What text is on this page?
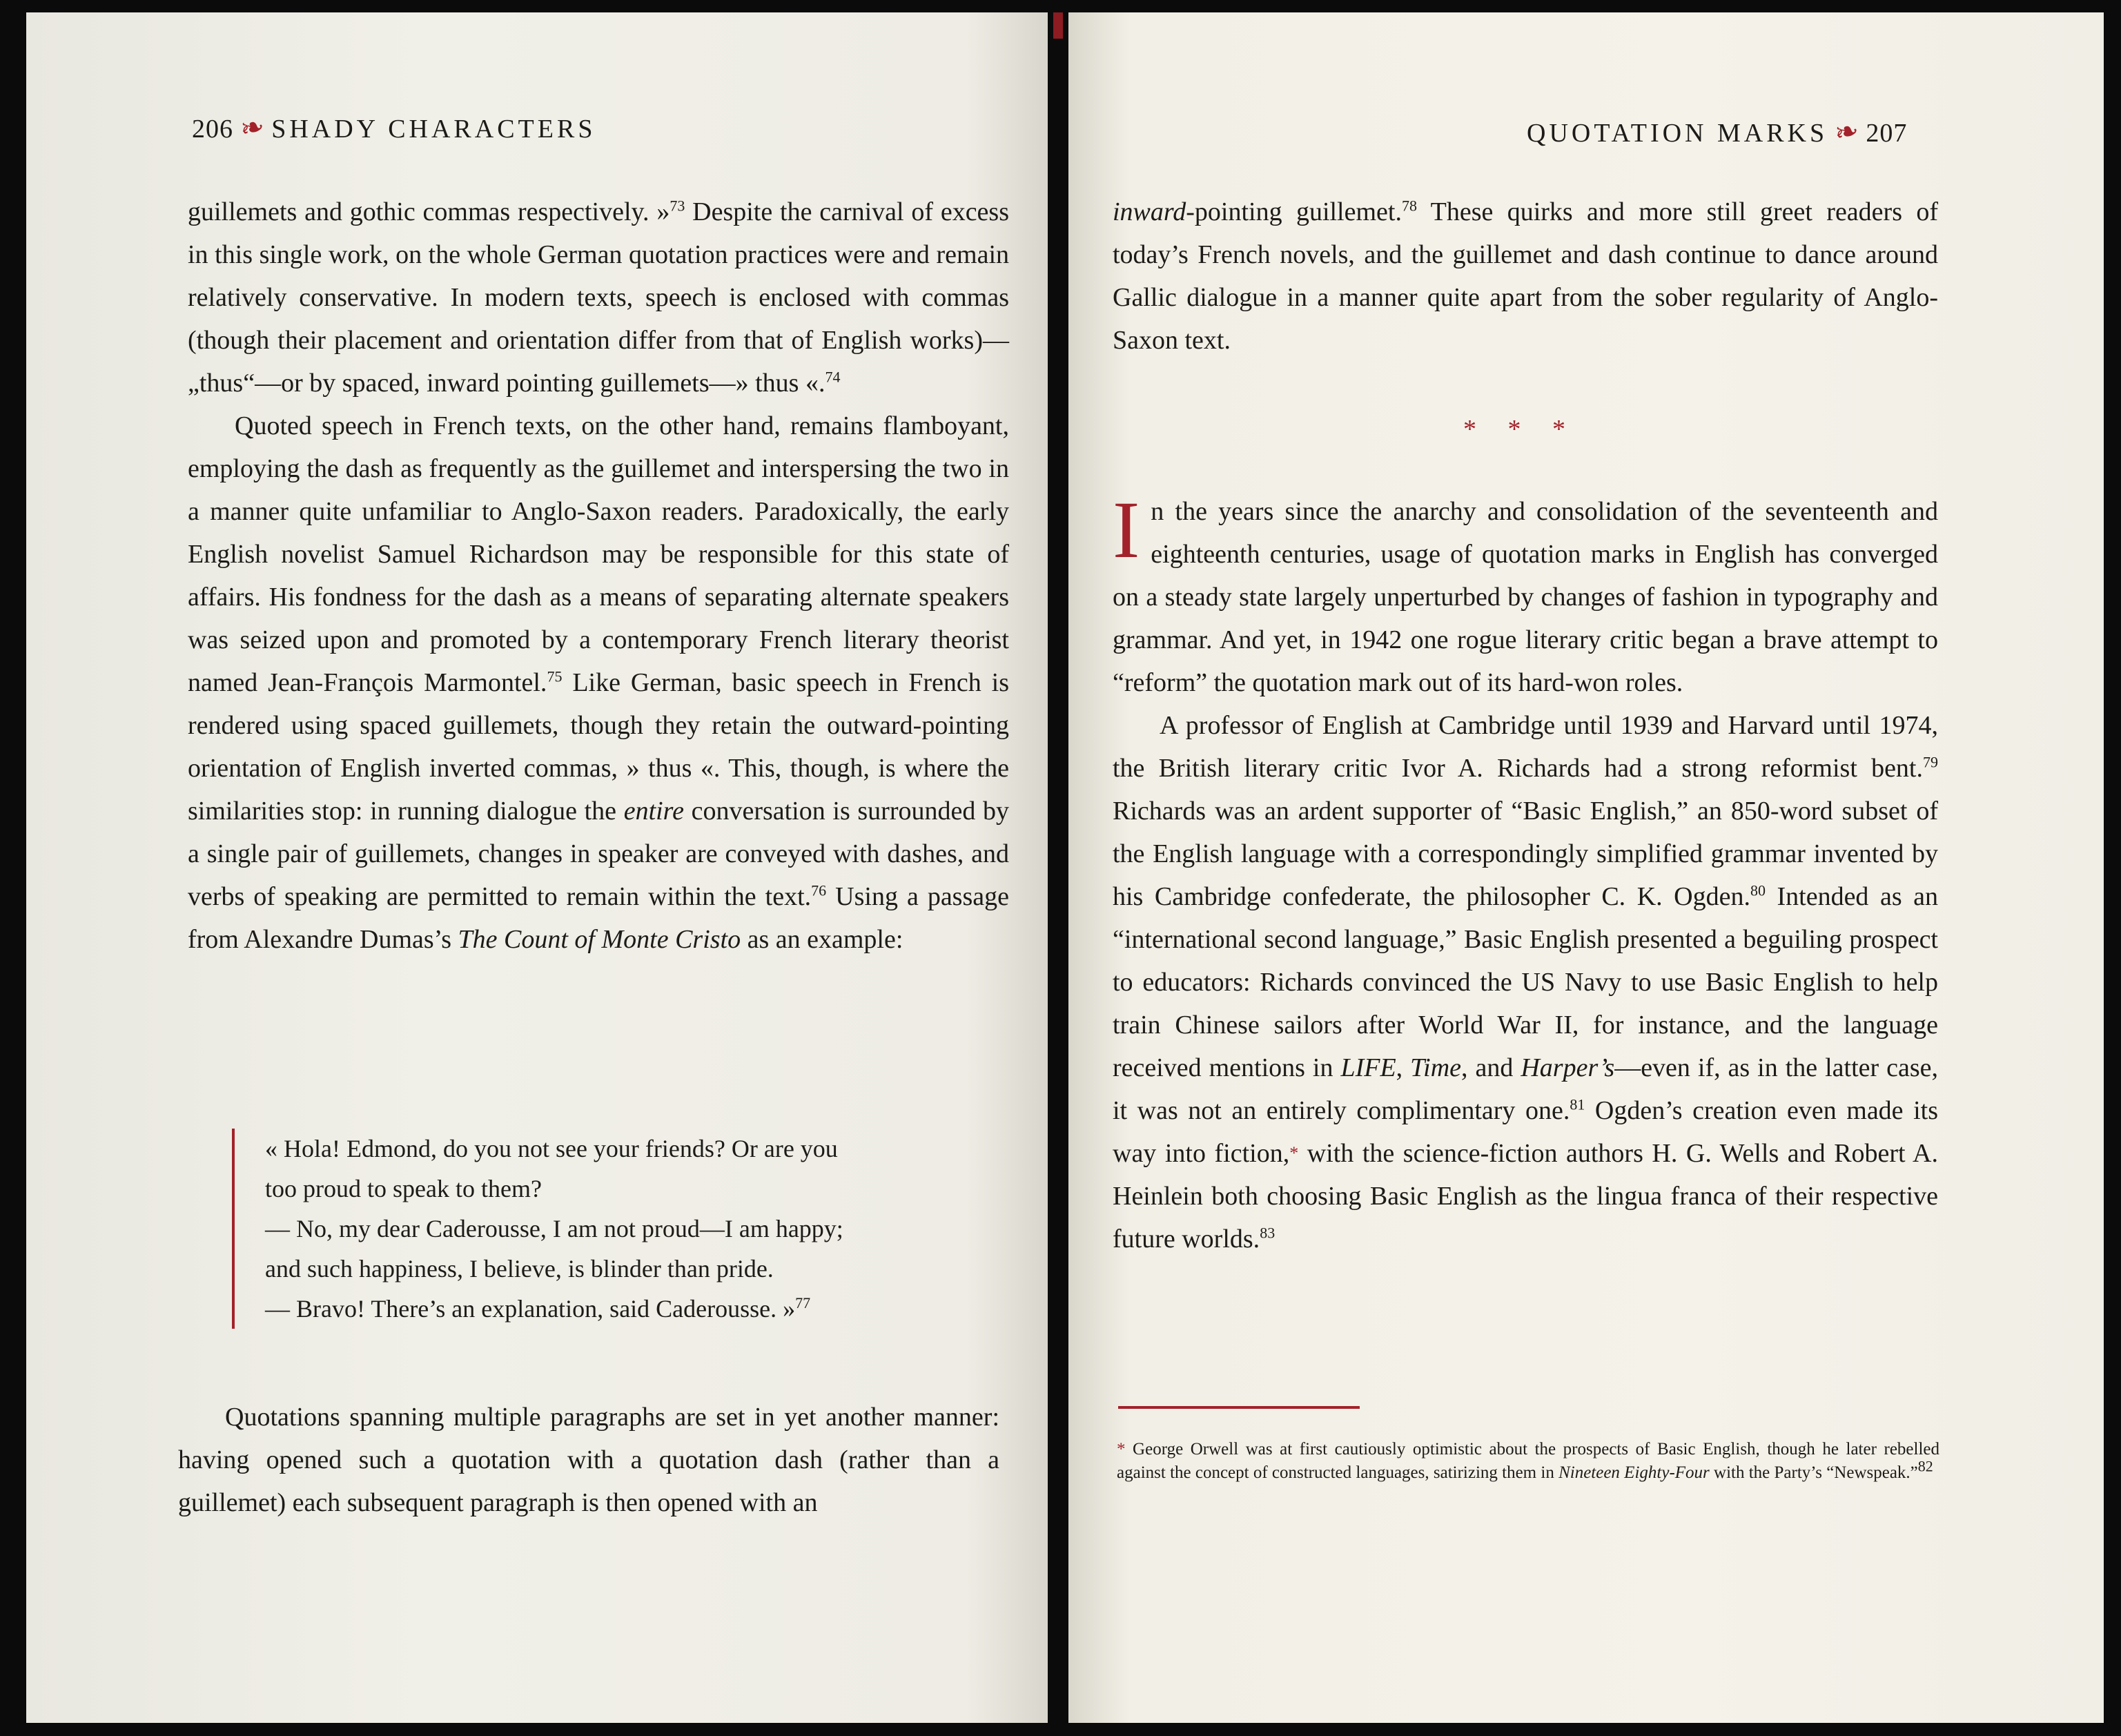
206 ❧ SHADY CHARACTERS

guillemets and gothic commas respectively. »$^{73}$ Despite the carnival of excess in this single work, on the whole German quotation practices were and remain relatively conservative. In modern texts, speech is enclosed with commas (though their placement and orientation differ from that of English works)—„thus“—or by spaced, inward pointing guillemets—» thus «.$^{74}$

Quoted speech in French texts, on the other hand, remains flamboyant, employing the dash as frequently as the guillemet and interspersing the two in a manner quite unfamiliar to Anglo-Saxon readers. Paradoxically, the early English novelist Samuel Richardson may be responsible for this state of affairs. His fondness for the dash as a means of separating alternate speakers was seized upon and promoted by a contemporary French literary theorist named Jean-François Marmontel.$^{75}$ Like German, basic speech in French is rendered using spaced guillemets, though they retain the outward-pointing orientation of English inverted commas, » thus «. This, though, is where the similarities stop: in running dialogue the entire conversation is surrounded by a single pair of guillemets, changes in speaker are conveyed with dashes, and verbs of speaking are permitted to remain within the text.$^{76}$ Using a passage from Alexandre Dumas’s The Count of Monte Cristo as an example:

« Hola! Edmond, do you not see your friends? Or are you

too proud to speak to them?

— No, my dear Caderousse, I am not proud—I am happy;

and such happiness, I believe, is blinder than pride.

— Bravo! There’s an explanation, said Caderousse. »$^{77}$

Quotations spanning multiple paragraphs are set in yet another manner: having opened such a quotation with a quotation dash (rather than a guillemet) each subsequent paragraph is then opened with an

QUOTATION MARKS ❧ 207

inward-pointing guillemet.$^{78}$ These quirks and more still greet readers of today’s French novels, and the guillemet and dash continue to dance around Gallic dialogue in a manner quite apart from the sober regularity of Anglo-Saxon text.

* * *

In the years since the anarchy and consolidation of the seventeenth and eighteenth centuries, usage of quotation marks in English has converged on a steady state largely unperturbed by changes of fashion in typography and grammar. And yet, in 1942 one rogue literary critic began a brave attempt to “reform” the quotation mark out of its hard-won roles.

A professor of English at Cambridge until 1939 and Harvard until 1974, the British literary critic Ivor A. Richards had a strong reformist bent.$^{79}$ Richards was an ardent supporter of “Basic English,” an 850-word subset of the English language with a correspondingly simplified grammar invented by his Cambridge confederate, the philosopher C. K. Ogden.$^{80}$ Intended as an “international second language,” Basic English presented a beguiling prospect to educators: Richards convinced the US Navy to use Basic English to help train Chinese sailors after World War II, for instance, and the language received mentions in LIFE, Time, and Harper’s—even if, as in the latter case, it was not an entirely complimentary one.$^{81}$ Ogden’s creation even made its way into fiction,* with the science-fiction authors H. G. Wells and Robert A. Heinlein both choosing Basic English as the lingua franca of their respective future worlds.$^{83}$

* George Orwell was at first cautiously optimistic about the prospects of Basic English, though he later rebelled against the concept of constructed languages, satirizing them in Nineteen Eighty-Four with the Party’s “Newspeak.”$^{82}$
